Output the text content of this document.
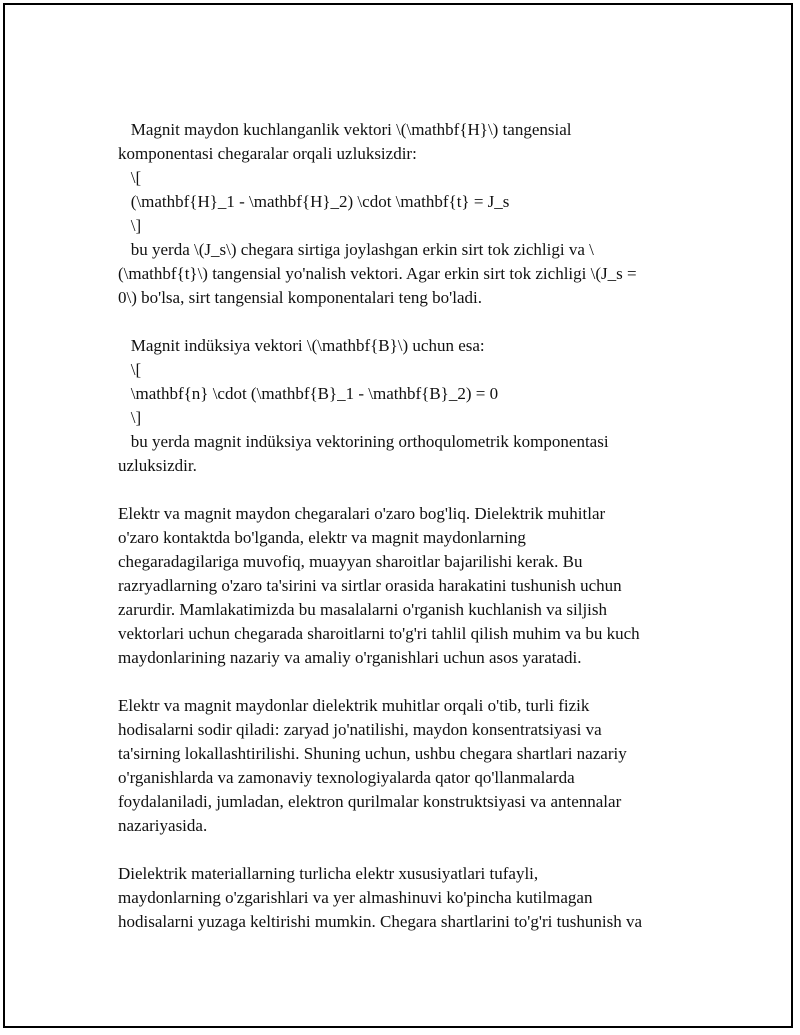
Magnit maydon kuchlanganlik vektori \(\mathbf{H}\) tangensial
komponentasi chegaralar orqali uzluksizdir:
\[
(\mathbf{H}_1 - \mathbf{H}_2) \cdot \mathbf{t} = J_s
\]
bu yerda \(J_s\) chegara sirtiga joylashgan erkin sirt tok zichligi va \
(\mathbf{t}\) tangensial yo'nalish vektori. Agar erkin sirt tok zichligi \(J_s =
0\) bo'lsa, sirt tangensial komponentalari teng bo'ladi.
Magnit indüksiya vektori \(\mathbf{B}\) uchun esa:
\[
\mathbf{n} \cdot (\mathbf{B}_1 - \mathbf{B}_2) = 0
\]
bu yerda magnit indüksiya vektorining orthoqulometrik komponentasi
uzluksizdir.
Elektr va magnit maydon chegaralari o'zaro bog'liq. Dielektrik muhitlar
o'zaro kontaktda bo'lganda, elektr va magnit maydonlarning
chegaradagilariga muvofiq, muayyan sharoitlar bajarilishi kerak. Bu
razryadlarning o'zaro ta'sirini va sirtlar orasida harakatini tushunish uchun
zarurdir. Mamlakatimizda bu masalalarni o'rganish kuchlanish va siljish
vektorlari uchun chegarada sharoitlarni to'g'ri tahlil qilish muhim va bu kuch
maydonlarining nazariy va amaliy o'rganishlari uchun asos yaratadi.
Elektr va magnit maydonlar dielektrik muhitlar orqali o'tib, turli fizik
hodisalarni sodir qiladi: zaryad jo'natilishi, maydon konsentratsiyasi va
ta'sirning lokallashtirilishi. Shuning uchun, ushbu chegara shartlari nazariy
o'rganishlarda va zamonaviy texnologiyalarda qator qo'llanmalarda
foydalaniladi, jumladan, elektron qurilmalar konstruktsiyasi va antennalar
nazariyasida.
Dielektrik materiallarning turlicha elektr xususiyatlari tufayli,
maydonlarning o'zgarishlari va yer almashinuvi ko'pincha kutilmagan
hodisalarni yuzaga keltirishi mumkin. Chegara shartlarini to'g'ri tushunish va
